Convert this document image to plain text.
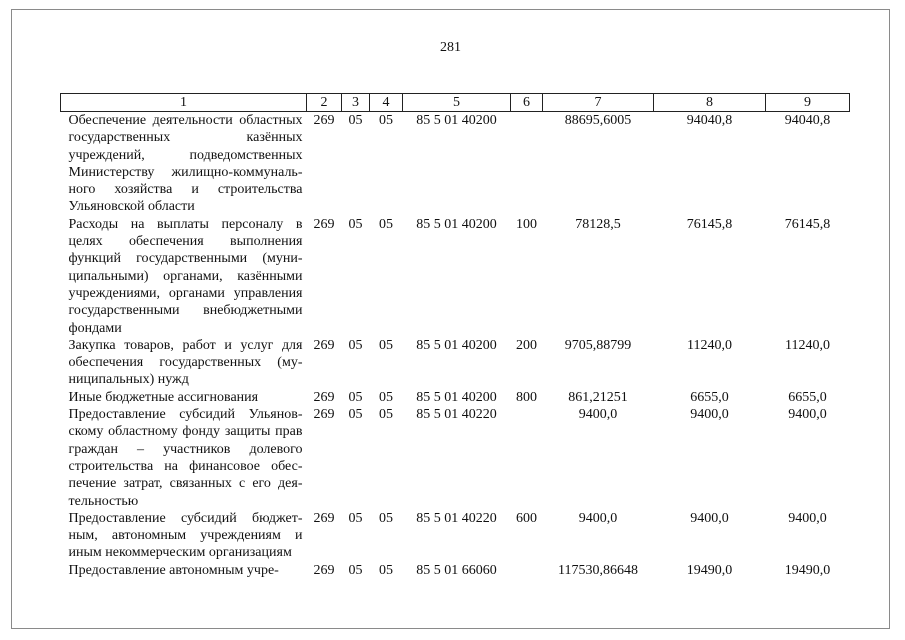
281
1	2	3	4	5	6	7	8	9
Обеспечение деятельности областных государственных казённых учреждений, подведомственных Министерству жилищно-коммунального хозяйства и строительства Ульяновской области	269	05	05	85 5 01 40200		88695,6005	94040,8	94040,8
Расходы на выплаты персоналу в целях обеспечения выполнения функций государственными (муниципальными) органами, казёнными учреждениями, органами управления государственными внебюджетными фондами	269	05	05	85 5 01 40200	100	78128,5	76145,8	76145,8
Закупка товаров, работ и услуг для обеспечения государственных (муниципальных) нужд	269	05	05	85 5 01 40200	200	9705,88799	11240,0	11240,0
Иные бюджетные ассигнования	269	05	05	85 5 01 40200	800	861,21251	6655,0	6655,0
Предоставление субсидий Ульяновскому областному фонду защиты прав граждан – участников долевого строительства на финансовое обеспечение затрат, связанных с его деятельностью	269	05	05	85 5 01 40220		9400,0	9400,0	9400,0
Предоставление субсидий бюджетным, автономным учреждениям и иным некоммерческим организациям	269	05	05	85 5 01 40220	600	9400,0	9400,0	9400,0
Предоставление автономным учре-	269	05	05	85 5 01 66060		117530,86648	19490,0	19490,0
